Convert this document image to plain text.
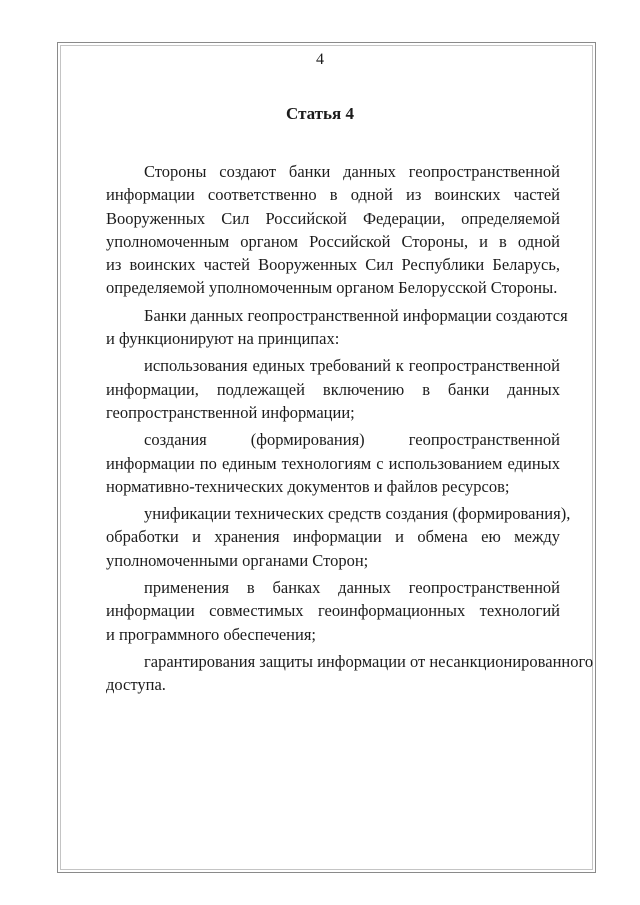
4
Статья 4
Стороны создают банки данных геопространственной
информации соответственно в одной из воинских частей
Вооруженных Сил Российской Федерации, определяемой
уполномоченным органом Российской Стороны, и в одной
из воинских частей Вооруженных Сил Республики Беларусь,
определяемой уполномоченным органом Белорусской Стороны.
Банки данных геопространственной информации создаются
и функционируют на принципах:
использования единых требований к геопространственной
информации, подлежащей включению в банки данных
геопространственной информации;
создания (формирования) геопространственной
информации по единым технологиям с использованием единых
нормативно-технических документов и файлов ресурсов;
унификации технических средств создания (формирования),
обработки и хранения информации и обмена ею между
уполномоченными органами Сторон;
применения в банках данных геопространственной
информации совместимых геоинформационных технологий
и программного обеспечения;
гарантирования защиты информации от несанкционированного
доступа.
